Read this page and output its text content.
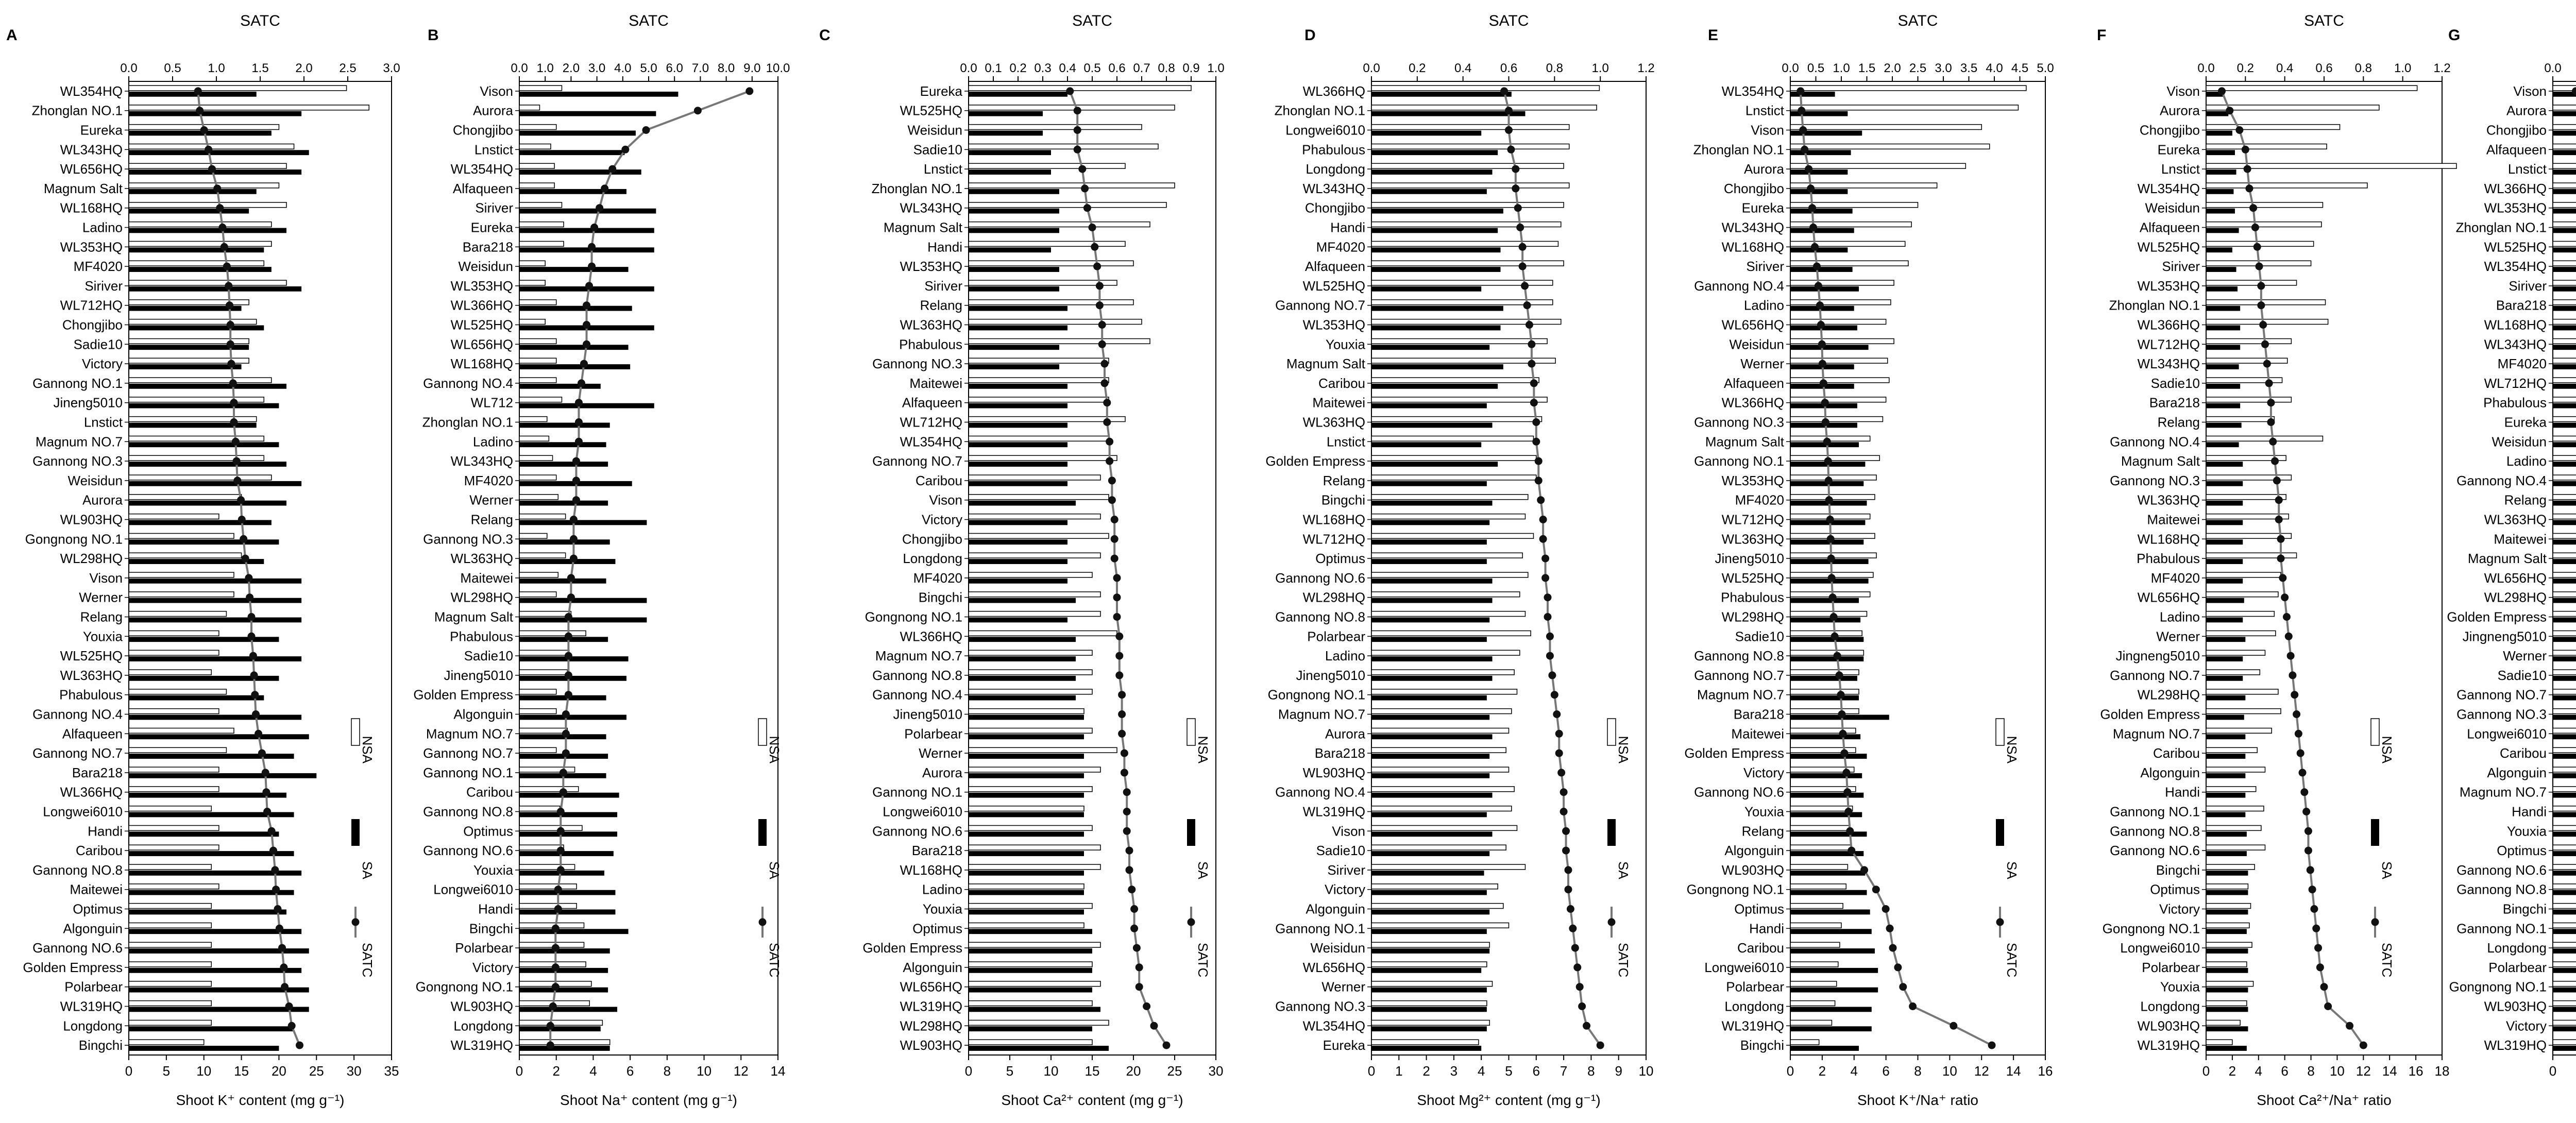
A
SATC
Shoot K⁺ content (mg g⁻¹)
0.0 0.5 1.0 1.5 2.0 2.5 3.0
0 5 10 15 20 25 30 35
WL354HQ
Zhonglan NO.1
Eureka
WL343HQ
WL656HQ
Magnum Salt
WL168HQ
Ladino
WL353HQ
MF4020
Siriver
WL712HQ
Chongjibo
Sadie10
Victory
Gannong NO.1
Jineng5010
Lnstict
Magnum NO.7
Gannong NO.3
Weisidun
Aurora
WL903HQ
Gongnong NO.1
WL298HQ
Vison
Werner
Relang
Youxia
WL525HQ
WL363HQ
Phabulous
Gannong NO.4
Alfaqueen
Gannong NO.7
Bara218
WL366HQ
Longwei6010
Handi
Caribou
Gannong NO.8
Maitewei
Optimus
Algonguin
Gannong NO.6
Golden Empress
Polarbear
WL319HQ
Longdong
Bingchi
NSA
SA
SATC
B
SATC
Shoot Na⁺ content (mg g⁻¹)
0.0 1.0 2.0 3.0 4.0 5.0 6.0 7.0 8.0 9.0 10.0
0 2 4 6 8 10 12 14
Vison
Aurora
Chongjibo
Lnstict
WL354HQ
Alfaqueen
Siriver
Eureka
Bara218
Weisidun
WL353HQ
WL366HQ
WL525HQ
WL656HQ
WL168HQ
Gannong NO.4
WL712
Zhonglan NO.1
Ladino
WL343HQ
MF4020
Werner
Relang
Gannong NO.3
WL363HQ
Maitewei
WL298HQ
Magnum Salt
Phabulous
Sadie10
Jineng5010
Golden Empress
Algonguin
Magnum NO.7
Gannong NO.7
Gannong NO.1
Caribou
Gannong NO.8
Optimus
Gannong NO.6
Youxia
Longwei6010
Handi
Bingchi
Polarbear
Victory
Gongnong NO.1
WL903HQ
Longdong
WL319HQ
NSA
SA
SATC
C
SATC
Shoot Ca²⁺ content (mg g⁻¹)
0.0 0.1 0.2 0.3 0.4 0.5 0.6 0.7 0.8 0.9 1.0
0	5 10 15 20 25 30
Eureka
WL525HQ
Weisidun
Sadie10
Lnstict
Zhonglan NO.1
WL343HQ
Magnum Salt
Handi
WL353HQ
Siriver
Relang
WL363HQ
Phabulous
Gannong NO.3
Maitewei
Alfaqueen
WL712HQ
WL354HQ
Gannong NO.7
Caribou
Vison
Victory
Chongjibo
Longdong
MF4020
Bingchi
Gongnong NO.1
WL366HQ
Magnum NO.7
Gannong NO.8
Gannong NO.4
Jineng5010
Polarbear
Werner
Aurora
Gannong NO.1
Longwei6010
Gannong NO.6
Bara218
WL168HQ
Ladino
Youxia
Optimus
Golden Empress
Algonguin
WL656HQ
WL319HQ
WL298HQ
WL903HQ
NSA
SA
SATC
D
SATC
Shoot Mg²⁺ content (mg g⁻¹)
0.0 0.2 0.4 0.6 0.8 1.0 1.2
0 1 2 3 4 5 6 7 8 9 10
WL366HQ
Zhonglan NO.1
Longwei6010
Phabulous
Longdong
WL343HQ
Chongjibo
Handi
MF4020
Alfaqueen
WL525HQ
Gannong NO.7
WL353HQ
Youxia
Magnum Salt
Caribou
Maitewei
WL363HQ
Lnstict
Golden Empress
Relang
Bingchi
WL168HQ
WL712HQ
Optimus
Gannong NO.6
WL298HQ
Gannong NO.8
Polarbear
Ladino
Jineng5010
Gongnong NO.1
Magnum NO.7
Aurora
Bara218
WL903HQ
Gannong NO.4
WL319HQ
Vison
Sadie10
Siriver
Victory
Algonguin
Gannong NO.1
Weisidun
WL656HQ
Werner
Gannong NO.3
WL354HQ
Eureka
NSA
SA
SATC
E
SATC
Shoot K⁺/Na⁺ ratio
0.0 0.5 1.0 1.5 2.0 2.5 3.0 3.5 4.0 4.5 5.0
0 2 4 6 8 10 12 14 16
WL354HQ
Lnstict
Vison
Zhonglan NO.1
Aurora
Chongjibo
Eureka
WL343HQ
WL168HQ
Siriver
Gannong NO.4
Ladino
WL656HQ
Weisidun
Werner
Alfaqueen
WL366HQ
Gannong NO.3
Magnum Salt
Gannong NO.1
WL353HQ
MF4020
WL712HQ
WL363HQ
Jineng5010
WL525HQ
Phabulous
WL298HQ
Sadie10
Gannong NO.8
Gannong NO.7
Magnum NO.7
Bara218
Maitewei
Golden Empress
Victory
Gannong NO.6
Youxia
Relang
Algonguin
WL903HQ
Gongnong NO.1
Optimus
Handi
Caribou
Longwei6010
Polarbear
Longdong
WL319HQ
Bingchi
NSA
SA
SATC
F
SATC
Shoot Ca²⁺/Na⁺ ratio
0.0 0.2 0.4 0.6 0.8 1.0 1.2
0 2 4 6 8 10 12 14 16 18
Vison
Aurora
Chongjibo
Eureka
Lnstict
WL354HQ
Weisidun
Alfaqueen
WL525HQ
Siriver
WL353HQ
Zhonglan NO.1
WL366HQ
WL712HQ
WL343HQ
Sadie10
Bara218
Relang
Gannong NO.4
Magnum Salt
Gannong NO.3
WL363HQ
Maitewei
WL168HQ
Phabulous
MF4020
WL656HQ
Ladino
Werner
Jingneng5010
Gannong NO.7
WL298HQ
Golden Empress
Magnum NO.7
Caribou
Algonguin
Handi
Gannong NO.1
Gannong NO.8
Gannong NO.6
Bingchi
Optimus
Victory
Gongnong NO.1
Longwei6010
Polarbear
Youxia
Longdong
WL903HQ
WL319HQ
NSA
SA
SATC
G
0.0
0
Vison
Aurora
Chongjibo
Alfaqueen
Lnstict
WL366HQ
WL353HQ
Zhonglan NO.1
WL525HQ
WL354HQ
Siriver
Bara218
WL168HQ
WL343HQ
MF4020
WL712HQ
Phabulous
Eureka
Weisidun
Ladino
Gannong NO.4
Relang
WL363HQ
Maitewei
Magnum Salt
WL656HQ
WL298HQ
Golden Empress
Jingneng5010
Werner
Sadie10
Gannong NO.7
Gannong NO.3
Longwei6010
Caribou
Algonguin
Magnum NO.7
Handi
Youxia
Optimus
Gannong NO.6
Gannong NO.8
Bingchi
Gannong NO.1
Longdong
Polarbear
Gongnong NO.1
WL903HQ
Victory
WL319HQ
